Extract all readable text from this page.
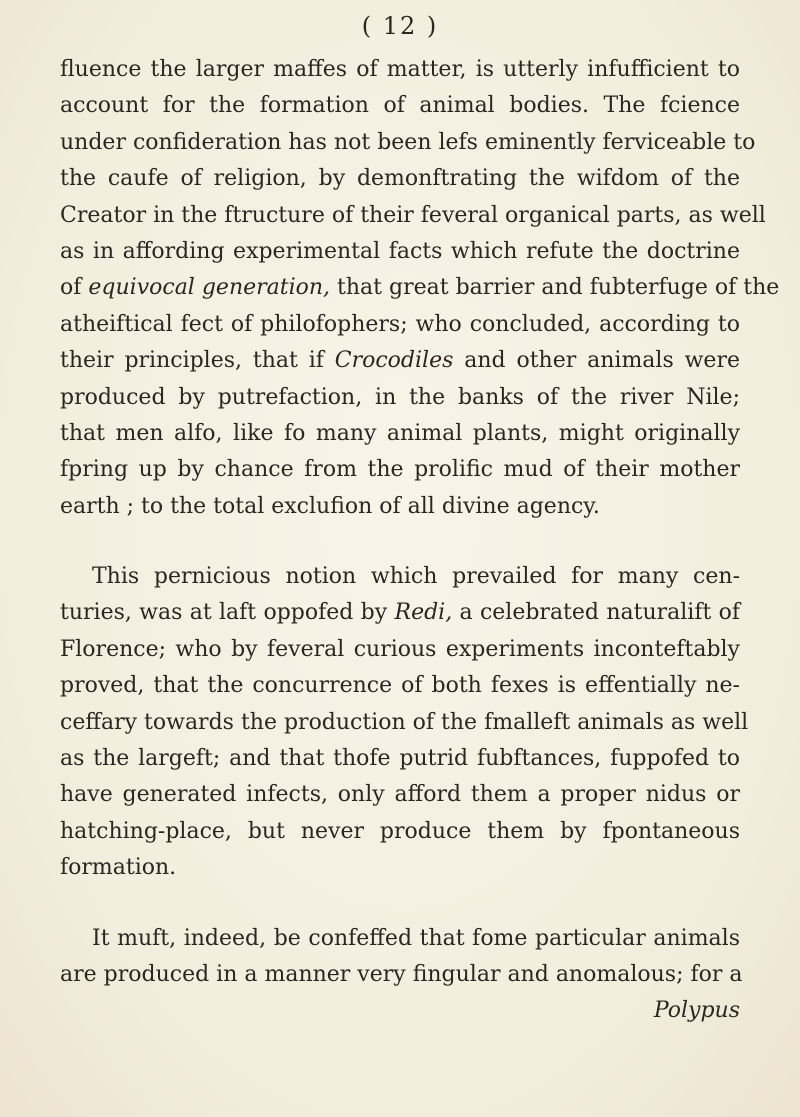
( 12 )
fluence the larger maffes of matter, is utterly infufficient to
account for the formation of animal bodies. The fcience
under confideration has not been lefs eminently ferviceable to
the caufe of religion, by demonftrating the wifdom of the
Creator in the ftructure of their feveral organical parts, as well
as in affording experimental facts which refute the doctrine
of equivocal generation, that great barrier and fubterfuge of the
atheiftical fect of philofophers; who concluded, according to
their principles, that if Crocodiles and other animals were
produced by putrefaction, in the banks of the river Nile;
that men alfo, like fo many animal plants, might originally
fpring up by chance from the prolific mud of their mother
earth ; to the total exclufion of all divine agency.
This pernicious notion which prevailed for many cen-
turies, was at laft oppofed by Redi, a celebrated naturalift of
Florence; who by feveral curious experiments inconteftably
proved, that the concurrence of both fexes is effentially ne-
ceffary towards the production of the fmalleft animals as well
as the largeft; and that thofe putrid fubftances, fuppofed to
have generated infects, only afford them a proper nidus or
hatching-place, but never produce them by fpontaneous
formation.
It muft, indeed, be confeffed that fome particular animals
are produced in a manner very fingular and anomalous; for a
Polypus
